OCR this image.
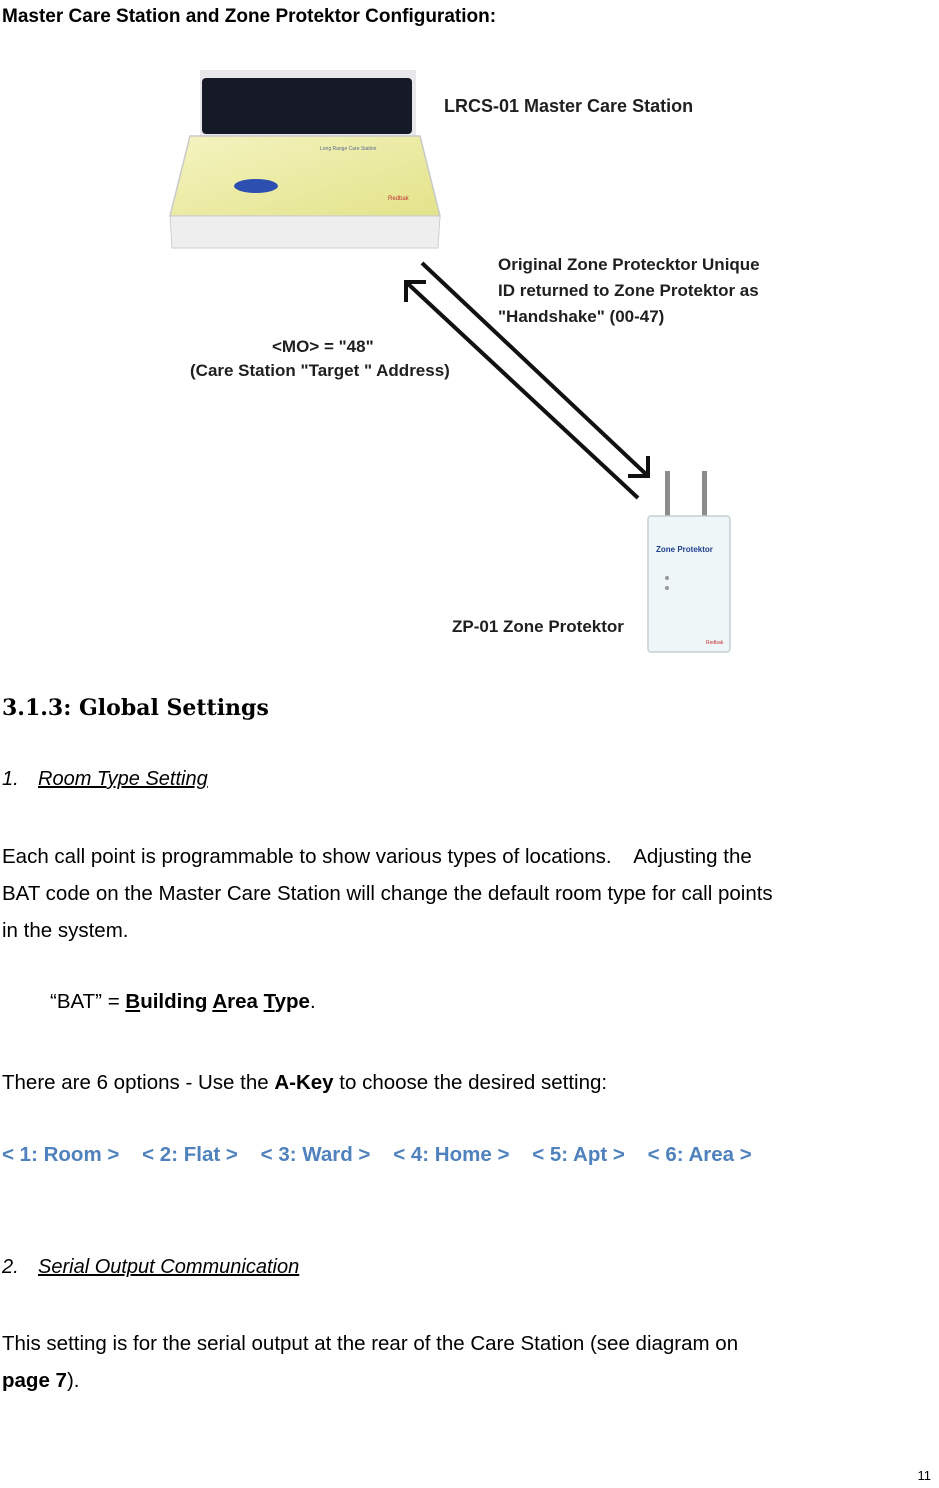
Master Care Station and Zone Protektor Configuration:
Long Range Care Station
Redbak
LRCS-01 Master Care Station
Original Zone Protecktor Unique
ID returned to Zone Protektor as
"Handshake" (00-47)
<MO> = "48"
(Care Station "Target " Address)
Zone Protektor
Redbak
ZP-01 Zone Protektor
3.1.3: Global Settings
1. Room Type Setting
Each call point is programmable to show various types of locations.    Adjusting the
BAT code on the Master Care Station will change the default room type for call points
in the system.
“BAT” = Building Area Type.
There are 6 options - Use the A-Key to choose the desired setting:
< 1: Room > < 2: Flat > < 3: Ward > < 4: Home > < 5: Apt > < 6: Area >
2. Serial Output Communication
This setting is for the serial output at the rear of the Care Station (see diagram on
page 7).
11
